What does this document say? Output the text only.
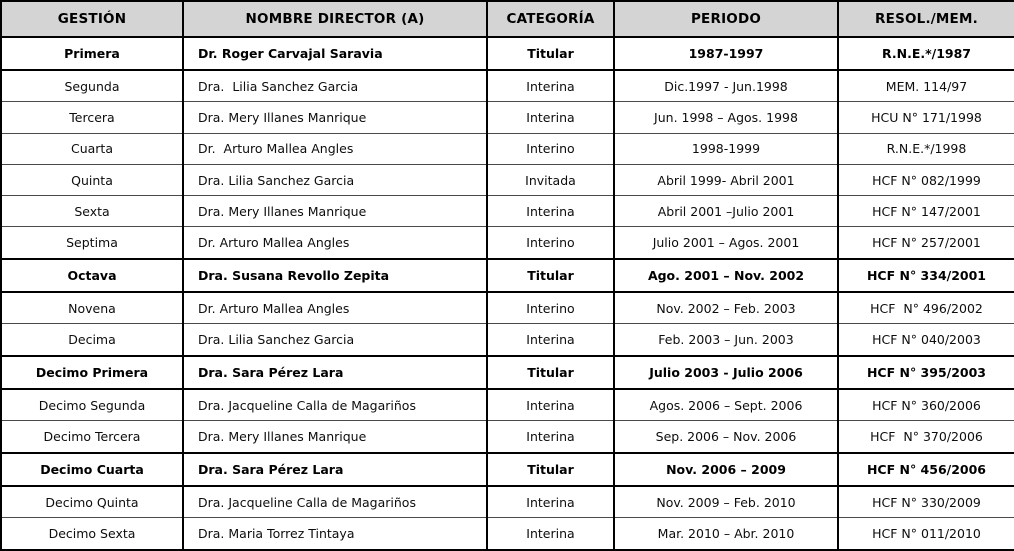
GESTIÓN	NOMBRE DIRECTOR (A)	CATEGORÍA	PERIODO	RESOL./MEM.
Primera	Dr. Roger Carvajal Saravia	Titular	1987-1997	R.N.E.*/1987
Segunda	Dra.  Lilia Sanchez Garcia	Interina	Dic.1997 - Jun.1998	MEM. 114/97
Tercera	Dra. Mery Illanes Manrique	Interina	Jun. 1998 – Agos. 1998	HCU N° 171/1998
Cuarta	Dr.  Arturo Mallea Angles	Interino	1998-1999	R.N.E.*/1998
Quinta	Dra. Lilia Sanchez Garcia	Invitada	Abril 1999- Abril 2001	HCF N° 082/1999
Sexta	Dra. Mery Illanes Manrique	Interina	Abril 2001 –Julio 2001	HCF N° 147/2001
Septima	Dr. Arturo Mallea Angles	Interino	Julio 2001 – Agos. 2001	HCF N° 257/2001
Octava	Dra. Susana Revollo Zepita	Titular	Ago. 2001 – Nov. 2002	HCF N° 334/2001
Novena	Dr. Arturo Mallea Angles	Interino	Nov. 2002 – Feb. 2003	HCF  N° 496/2002
Decima	Dra. Lilia Sanchez Garcia	Interina	Feb. 2003 – Jun. 2003	HCF N° 040/2003
Decimo Primera	Dra. Sara Pérez Lara	Titular	Julio 2003 - Julio 2006	HCF N° 395/2003
Decimo Segunda	Dra. Jacqueline Calla de Magariños	Interina	Agos. 2006 – Sept. 2006	HCF N° 360/2006
Decimo Tercera	Dra. Mery Illanes Manrique	Interina	Sep. 2006 – Nov. 2006	HCF  N° 370/2006
Decimo Cuarta	Dra. Sara Pérez Lara	Titular	Nov. 2006 – 2009	HCF N° 456/2006
Decimo Quinta	Dra. Jacqueline Calla de Magariños	Interina	Nov. 2009 – Feb. 2010	HCF N° 330/2009
Decimo Sexta	Dra. Maria Torrez Tintaya	Interina	Mar. 2010 – Abr. 2010	HCF N° 011/2010
